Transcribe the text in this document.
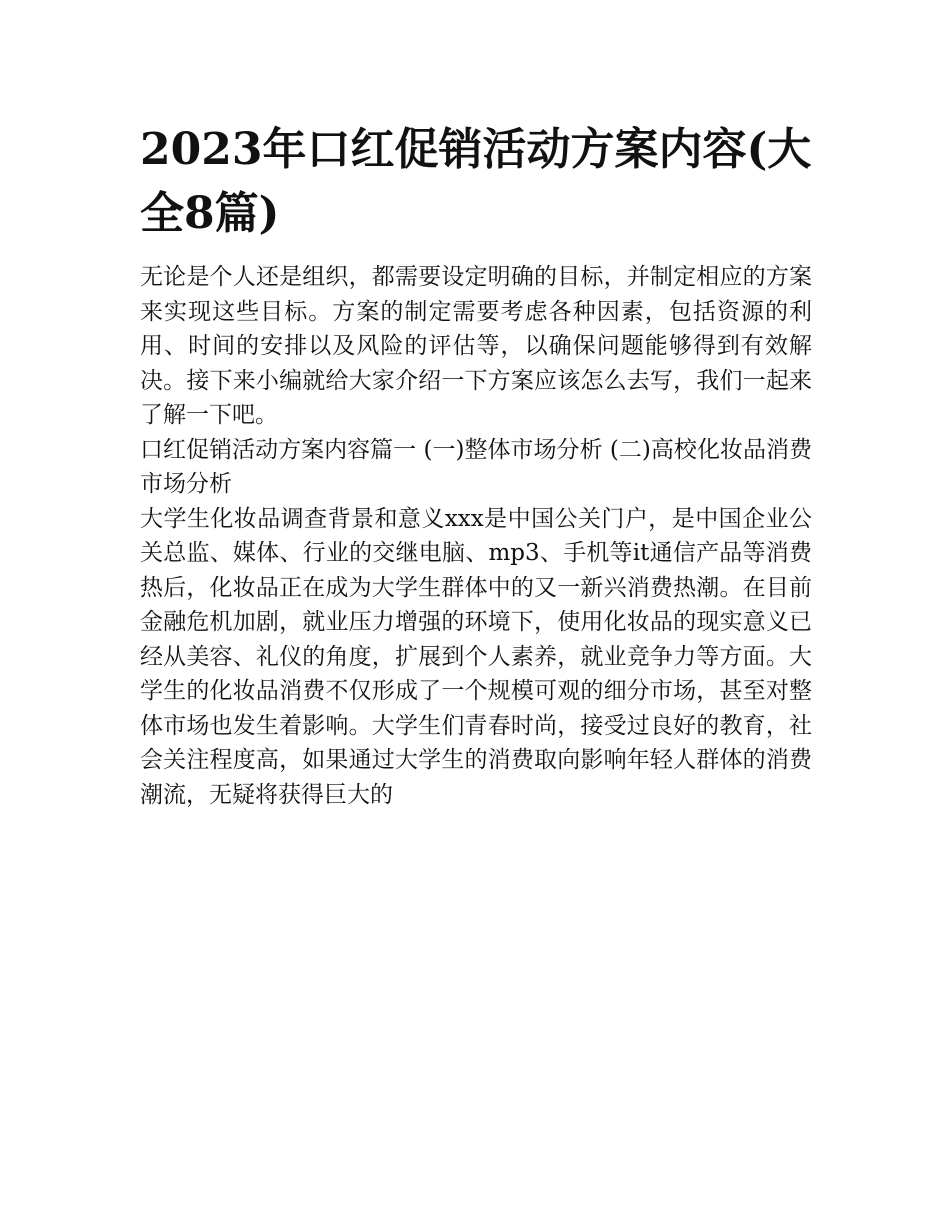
2023年口红促销活动方案内容(大全8篇)

无论是个人还是组织，都需要设定明确的目标，并制定相应的方案来实现这些目标。方案的制定需要考虑各种因素，包括资源的利用、时间的安排以及风险的评估等，以确保问题能够得到有效解决。接下来小编就给大家介绍一下方案应该怎么去写，我们一起来了解一下吧。

口红促销活动方案内容篇一 (一)整体市场分析 (二)高校化妆品消费市场分析

大学生化妆品调查背景和意义xxx是中国公关门户，是中国企业公关总监、媒体、行业的交继电脑、mp3、手机等it通信产品等消费热后，化妆品正在成为大学生群体中的又一新兴消费热潮。在目前金融危机加剧，就业压力增强的环境下，使用化妆品的现实意义已经从美容、礼仪的角度，扩展到个人素养，就业竞争力等方面。大学生的化妆品消费不仅形成了一个规模可观的细分市场，甚至对整体市场也发生着影响。大学生们青春时尚，接受过良好的教育，社会关注程度高，如果通过大学生的消费取向影响年轻人群体的消费潮流，无疑将获得巨大的
